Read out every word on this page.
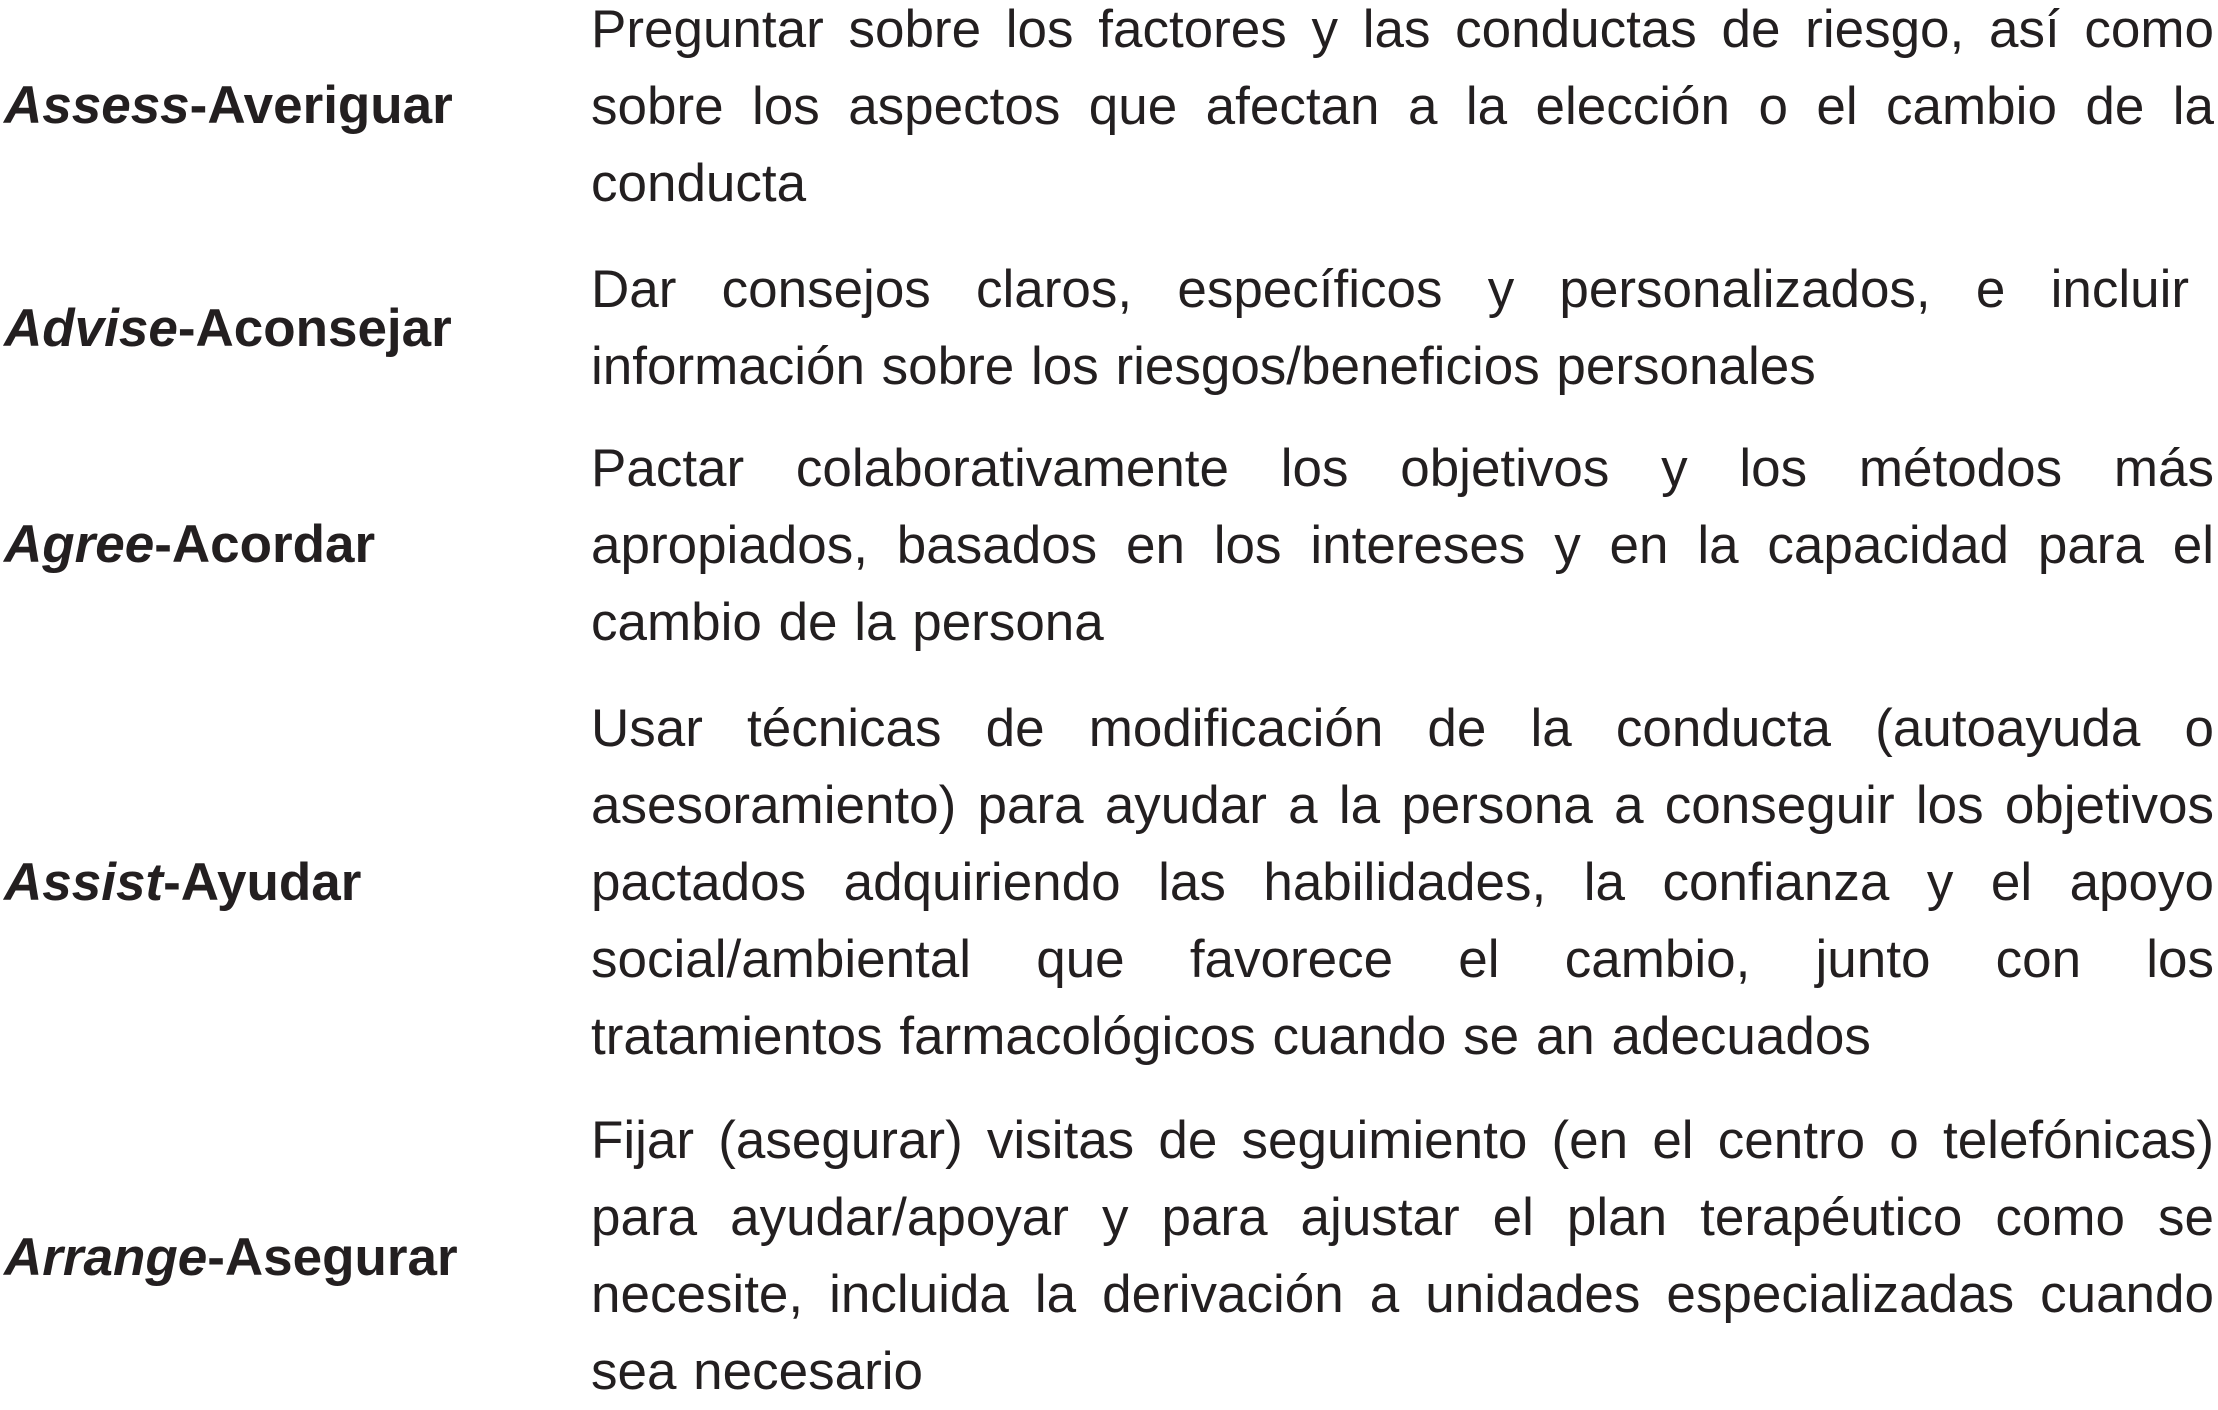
Assess-Averiguar
Preguntar sobre los factores y las conductas de riesgo, así como
sobre los aspectos que afectan a la elección o el cambio de la
conducta
Advise-Aconsejar
Dar consejos claros, específicos y personalizados, e incluir
información sobre los riesgos/beneficios personales
Agree-Acordar
Pactar colaborativamente los objetivos y los métodos más
apropiados, basados en los intereses y en la capacidad para el
cambio de la persona
Assist-Ayudar
Usar técnicas de modificación de la conducta (autoayuda o
asesoramiento) para ayudar a la persona a conseguir los objetivos
pactados adquiriendo las habilidades, la confianza y el apoyo
social/ambiental que favorece el cambio, junto con los
tratamientos farmacológicos cuando se an adecuados
Arrange-Asegurar
Fijar (asegurar) visitas de seguimiento (en el centro o telefónicas)
para ayudar/apoyar y para ajustar el plan terapéutico como se
necesite, incluida la derivación a unidades especializadas cuando
sea necesario
